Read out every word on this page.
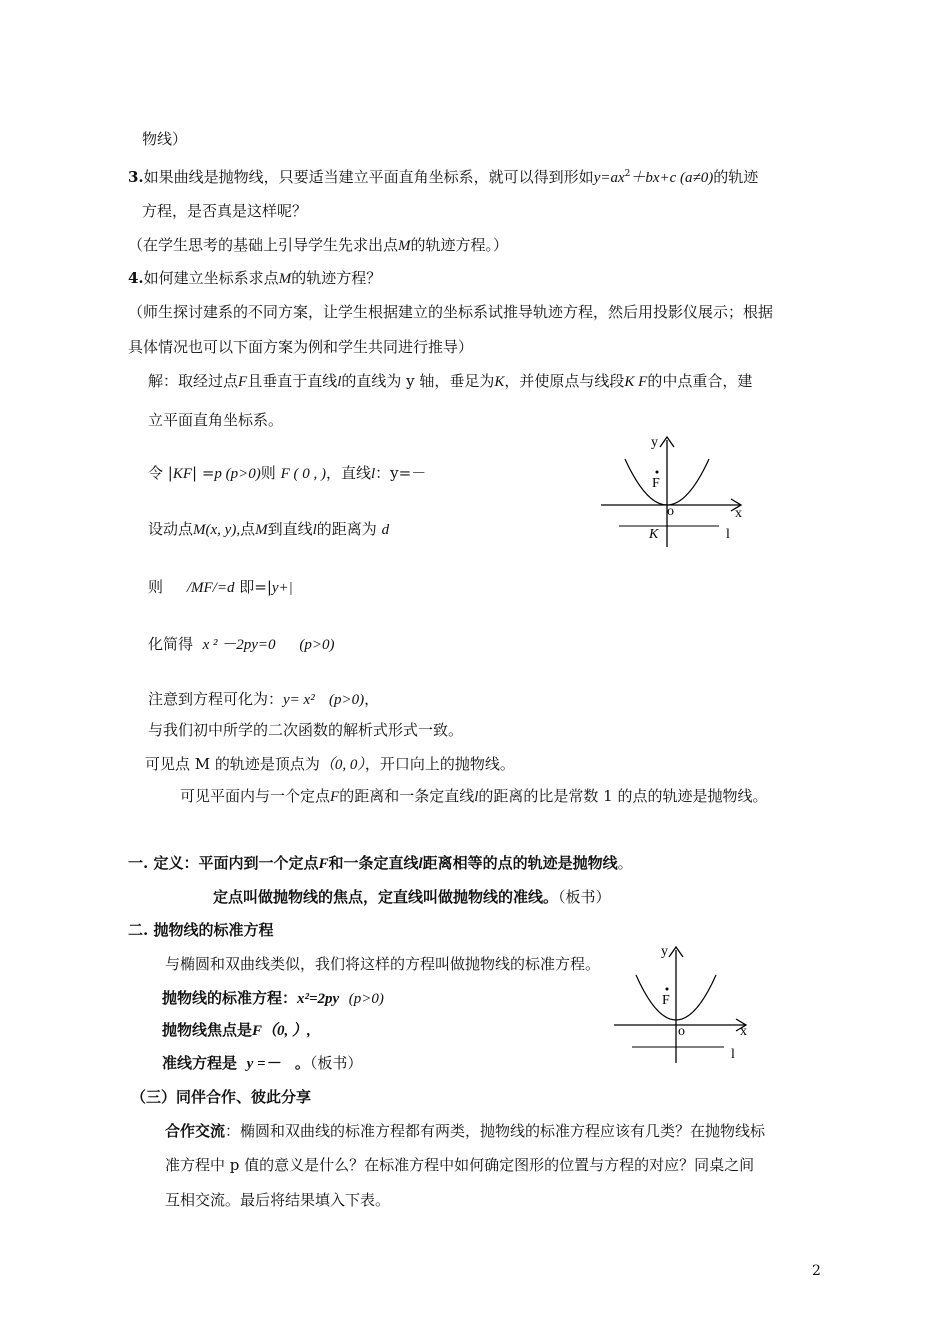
物线）
3.如果曲线是抛物线，只要适当建立平面直角坐标系，就可以得到形如$y=ax^2+bx+c$ (a≠0)的轨迹
方程，是否真是这样呢？
（在学生思考的基础上引导学生先求出点M的轨迹方程。）
4.如何建立坐标系求点M的轨迹方程？
（师生探讨建系的不同方案，让学生根据建立的坐标系试推导轨迹方程，然后用投影仪展示；根据
具体情况也可以下面方案为例和学生共同进行推导）
解：取经过点F且垂直于直线l的直线为 y 轴，垂足为K，并使原点与线段K F的中点重合，建
立平面直角坐标系。
令 |KF| =p (p>0)则 F ( 0 , )，直线l：y=－
设动点M(x, y),点M到直线l的距离为 d
则 /MF/=d 即=|y+|
化简得 x ² －2py=0 (p>0)
注意到方程可化为：y= x² (p>0)，
与我们初中所学的二次函数的解析式形式一致。
可见点 M 的轨迹是顶点为（0, 0），开口向上的抛物线。
可见平面内与一个定点F的距离和一条定直线l的距离的比是常数 1 的点的轨迹是抛物线。
一. 定义：平面内到一个定点F和一条定直线l距离相等的点的轨迹是抛物线。
定点叫做抛物线的焦点，定直线叫做抛物线的准线。（板书）
二. 抛物线的标准方程
与椭圆和双曲线类似，我们将这样的方程叫做抛物线的标准方程。
抛物线的标准方程：x²=2py (p>0)
抛物线焦点是F（0, ）,
准线方程是 y =－ 。（板书）
（三）同伴合作、彼此分享
合作交流：椭圆和双曲线的标准方程都有两类，抛物线的标准方程应该有几类？在抛物线标
准方程中 p 值的意义是什么？在标准方程中如何确定图形的位置与方程的对应？同桌之间
互相交流。最后将结果填入下表。
2
y
x
o
F
K	l
y
x
o
F
l
